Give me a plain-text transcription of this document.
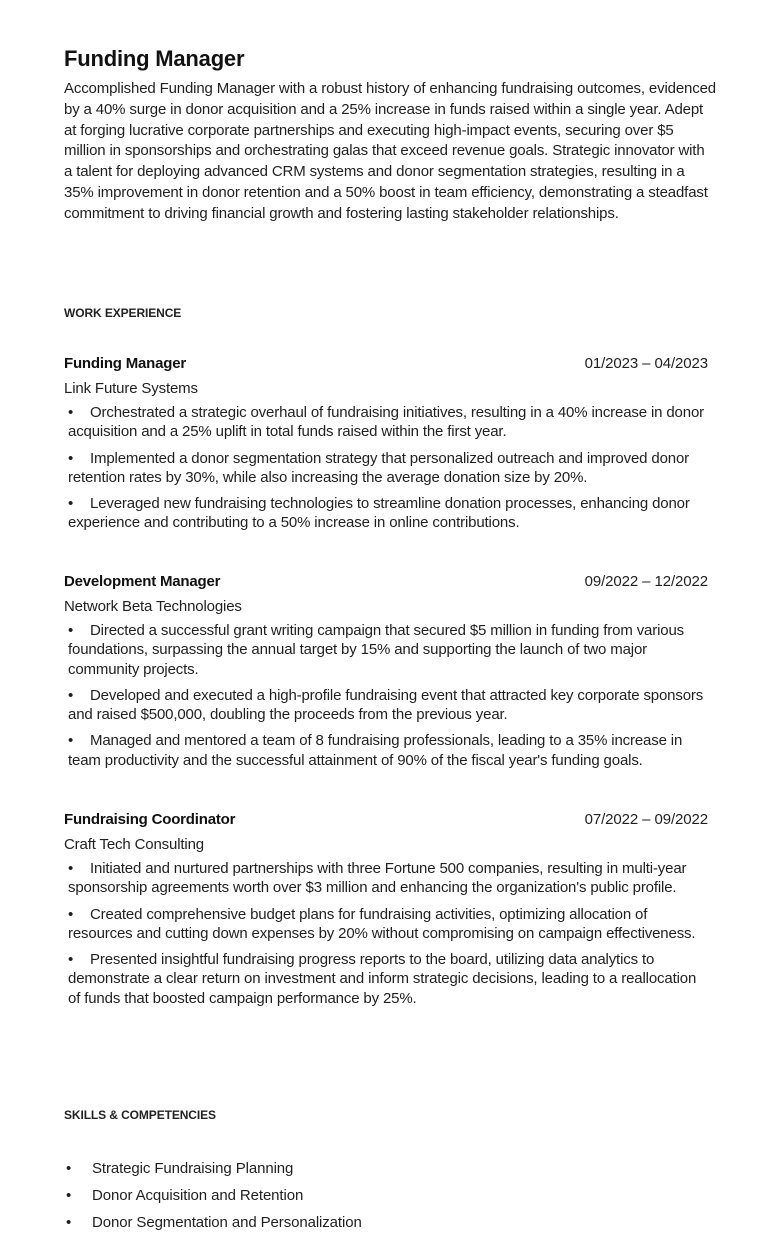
Funding Manager

Accomplished Funding Manager with a robust history of enhancing fundraising outcomes, evidenced by a 40% surge in donor acquisition and a 25% increase in funds raised within a single year. Adept at forging lucrative corporate partnerships and executing high-impact events, securing over $5 million in sponsorships and orchestrating galas that exceed revenue goals. Strategic innovator with a talent for deploying advanced CRM systems and donor segmentation strategies, resulting in a 35% improvement in donor retention and a 50% boost in team efficiency, demonstrating a steadfast commitment to driving financial growth and fostering lasting stakeholder relationships.

WORK EXPERIENCE
Funding Manager	01/2023 – 04/2023
Link Future Systems
• Orchestrated a strategic overhaul of fundraising initiatives, resulting in a 40% increase in donor acquisition and a 25% uplift in total funds raised within the first year.
• Implemented a donor segmentation strategy that personalized outreach and improved donor retention rates by 30%, while also increasing the average donation size by 20%.
• Leveraged new fundraising technologies to streamline donation processes, enhancing donor experience and contributing to a 50% increase in online contributions.
Development Manager	09/2022 – 12/2022
Network Beta Technologies
• Directed a successful grant writing campaign that secured $5 million in funding from various foundations, surpassing the annual target by 15% and supporting the launch of two major community projects.
• Developed and executed a high-profile fundraising event that attracted key corporate sponsors and raised $500,000, doubling the proceeds from the previous year.
• Managed and mentored a team of 8 fundraising professionals, leading to a 35% increase in team productivity and the successful attainment of 90% of the fiscal year's funding goals.
Fundraising Coordinator	07/2022 – 09/2022
Craft Tech Consulting
• Initiated and nurtured partnerships with three Fortune 500 companies, resulting in multi-year sponsorship agreements worth over $3 million and enhancing the organization's public profile.
• Created comprehensive budget plans for fundraising activities, optimizing allocation of resources and cutting down expenses by 20% without compromising on campaign effectiveness.
• Presented insightful fundraising progress reports to the board, utilizing data analytics to demonstrate a clear return on investment and inform strategic decisions, leading to a reallocation of funds that boosted campaign performance by 25%.
SKILLS & COMPETENCIES
• Strategic Fundraising Planning
• Donor Acquisition and Retention
• Donor Segmentation and Personalization
